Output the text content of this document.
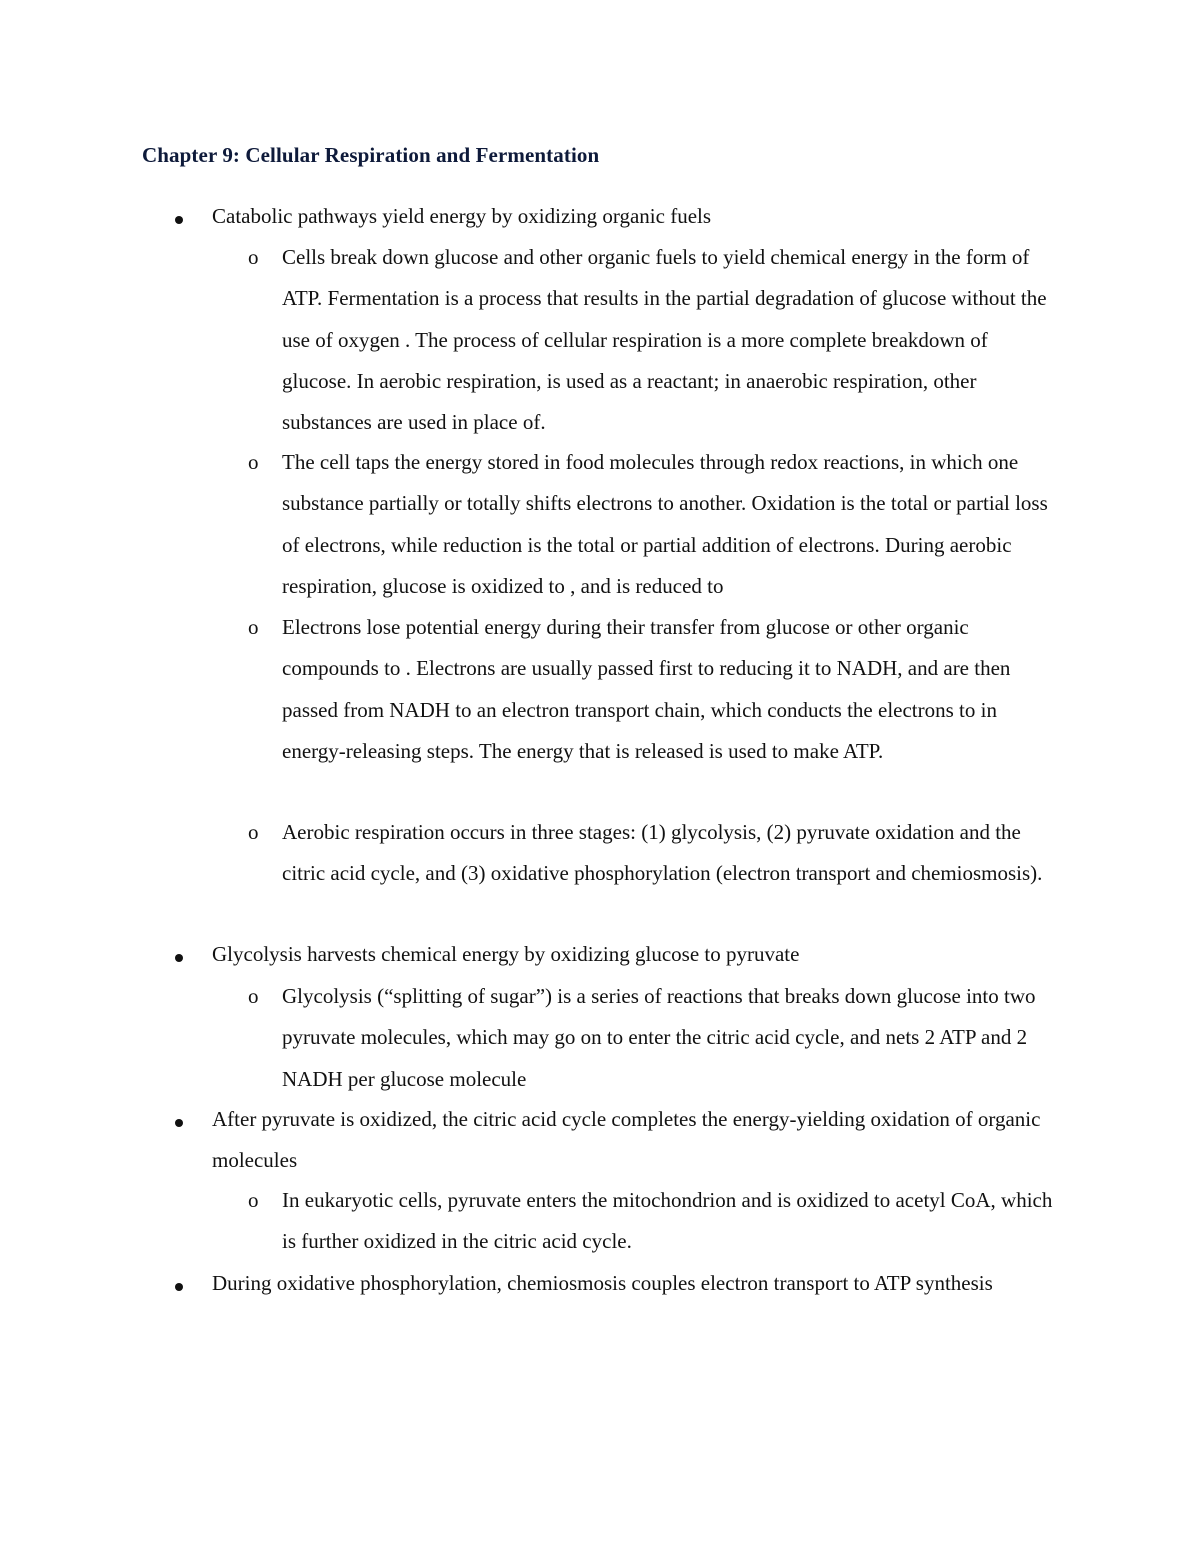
Chapter 9: Cellular Respiration and Fermentation
Catabolic pathways yield energy by oxidizing organic fuels
o Cells break down glucose and other organic fuels to yield chemical energy in the form of ATP. Fermentation is a process that results in the partial degradation of glucose without the use of oxygen . The process of cellular respiration is a more complete breakdown of glucose. In aerobic respiration, is used as a reactant; in anaerobic respiration, other substances are used in place of.
o The cell taps the energy stored in food molecules through redox reactions, in which one substance partially or totally shifts electrons to another. Oxidation is the total or partial loss of electrons, while reduction is the total or partial addition of electrons. During aerobic respiration, glucose is oxidized to , and is reduced to
o Electrons lose potential energy during their transfer from glucose or other organic compounds to . Electrons are usually passed first to reducing it to NADH, and are then passed from NADH to an electron transport chain, which conducts the electrons to in energy-releasing steps. The energy that is released is used to make ATP.
o Aerobic respiration occurs in three stages: (1) glycolysis, (2) pyruvate oxidation and the citric acid cycle, and (3) oxidative phosphorylation (electron transport and chemiosmosis).
Glycolysis harvests chemical energy by oxidizing glucose to pyruvate
o Glycolysis (“splitting of sugar”) is a series of reactions that breaks down glucose into two pyruvate molecules, which may go on to enter the citric acid cycle, and nets 2 ATP and 2 NADH per glucose molecule
After pyruvate is oxidized, the citric acid cycle completes the energy-yielding oxidation of organic molecules
o In eukaryotic cells, pyruvate enters the mitochondrion and is oxidized to acetyl CoA, which is further oxidized in the citric acid cycle.
During oxidative phosphorylation, chemiosmosis couples electron transport to ATP synthesis
